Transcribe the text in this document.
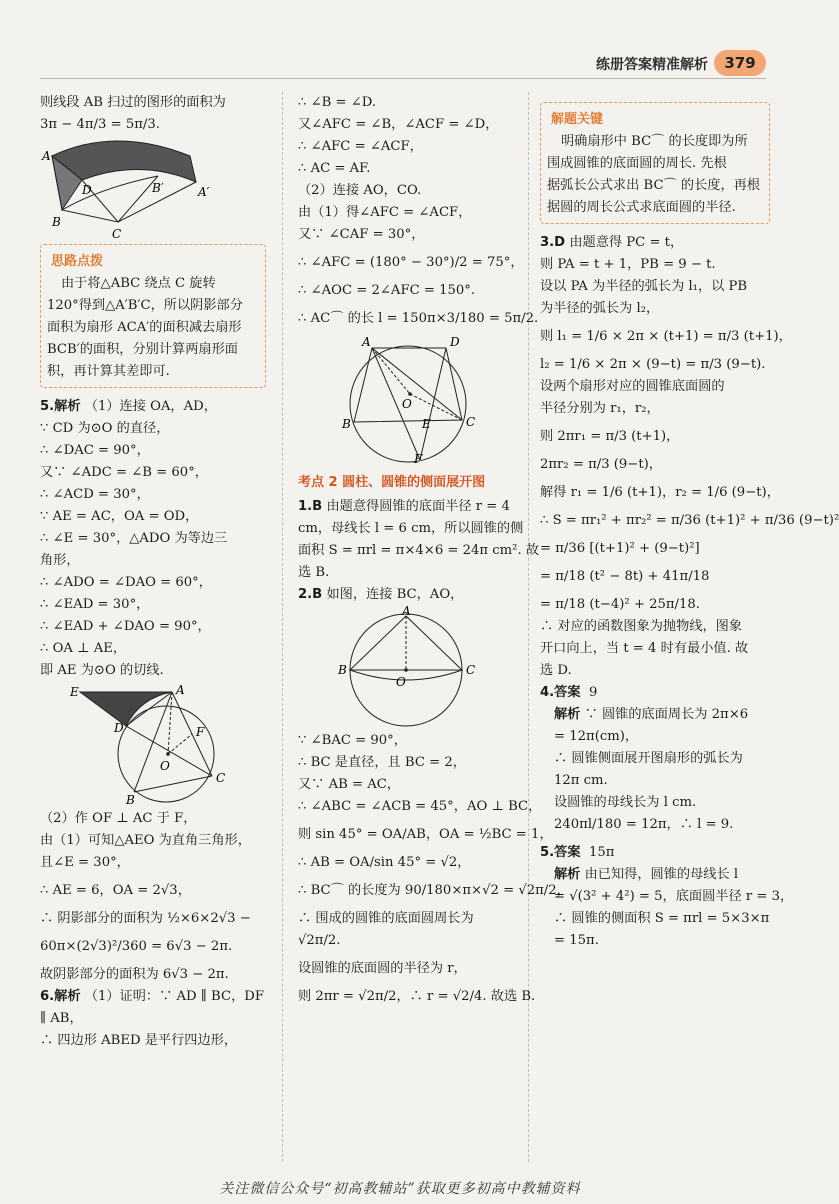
练册答案精准解析	379
则线段 AB 扫过的图形的面积为
3π − 4π/3 = 5π/3.
A
D	B′	A′
B
C
思路点拨
由于将△ABC 绕点 C 旋转
120°得到△A′B′C，所以阴影部分
面积为扇形 ACA′的面积减去扇形
BCB′的面积，分别计算两扇形面
积，再计算其差即可.
5.解析 （1）连接 OA，AD，
∵ CD 为⊙O 的直径，
∴ ∠DAC = 90°，
又∵ ∠ADC = ∠B = 60°，
∴ ∠ACD = 30°，
∵ AE = AC，OA = OD，
∴ ∠E = 30°，△ADO 为等边三
角形，
∴ ∠ADO = ∠DAO = 60°，
∴ ∠EAD = 30°，
∴ ∠EAD + ∠DAO = 90°，
∴ OA ⊥ AE，
即 AE 为⊙O 的切线.
E	A
D	F
O
C
B
（2）作 OF ⊥ AC 于 F，
由（1）可知△AEO 为直角三角形，
且∠E = 30°，
∴ AE = 6，OA = 2√3，
∴ 阴影部分的面积为 ½×6×2√3 −
60π×(2√3)²/360 = 6√3 − 2π.
故阴影部分的面积为 6√3 − 2π.
6.解析 （1）证明：∵ AD ∥ BC，DF
∥ AB，
∴ 四边形 ABED 是平行四边形，
∴ ∠B = ∠D.
又∠AFC = ∠B，∠ACF = ∠D，
∴ ∠AFC = ∠ACF，
∴ AC = AF.
（2）连接 AO，CO.
由（1）得∠AFC = ∠ACF，
又∵ ∠CAF = 30°，
∴ ∠AFC = (180° − 30°)/2 = 75°，
∴ ∠AOC = 2∠AFC = 150°.
∴ AC⌒ 的长 l = 150π×3/180 = 5π/2.
A	D
O
B	E	C
F
考点 2 圆柱、圆锥的侧面展开图
1.B 由题意得圆锥的底面半径 r = 4
cm，母线长 l = 6 cm，所以圆锥的侧
面积 S = πrl = π×4×6 = 24π cm². 故
选 B.
2.B 如图，连接 BC，AO，
A
B
O
C
∵ ∠BAC = 90°，
∴ BC 是直径，且 BC = 2，
又∵ AB = AC，
∴ ∠ABC = ∠ACB = 45°，AO ⊥ BC，
则 sin 45° = OA/AB，OA = ½BC = 1，
∴ AB = OA/sin 45° = √2，
∴ BC⌒ 的长度为 90/180×π×√2 = √2π/2，
∴ 围成的圆锥的底面圆周长为
√2π/2.
设圆锥的底面圆的半径为 r，
则 2πr = √2π/2，∴ r = √2/4. 故选 B.
解题关键
明确扇形中 BC⌒ 的长度即为所
围成圆锥的底面圆的周长. 先根
据弧长公式求出 BC⌒ 的长度，再根
据圆的周长公式求底面圆的半径.
3.D 由题意得 PC = t，
则 PA = t + 1，PB = 9 − t.
设以 PA 为半径的弧长为 l₁，以 PB
为半径的弧长为 l₂，
则 l₁ = 1/6 × 2π × (t+1) = π/3 (t+1)，
l₂ = 1/6 × 2π × (9−t) = π/3 (9−t).
设两个扇形对应的圆锥底面圆的
半径分别为 r₁，r₂，
则 2πr₁ = π/3 (t+1)，
2πr₂ = π/3 (9−t)，
解得 r₁ = 1/6 (t+1)，r₂ = 1/6 (9−t)，
∴ S = πr₁² + πr₂² = π/36 (t+1)² + π/36 (9−t)²
= π/36 [(t+1)² + (9−t)²]
= π/18 (t² − 8t) + 41π/18
= π/18 (t−4)² + 25π/18.
∴ 对应的函数图象为抛物线，图象
开口向上，当 t = 4 时有最小值. 故
选 D.
4.答案 9
解析 ∵ 圆锥的底面周长为 2π×6
= 12π(cm)，
∴ 圆锥侧面展开图扇形的弧长为
12π cm.
设圆锥的母线长为 l cm.
240πl/180 = 12π，∴ l = 9.
5.答案 15π
解析 由已知得，圆锥的母线长 l
= √(3² + 4²) = 5，底面圆半径 r = 3，
∴ 圆锥的侧面积 S = πrl = 5×3×π
= 15π.
关注微信公众号“初高教辅站”获取更多初高中教辅资料
